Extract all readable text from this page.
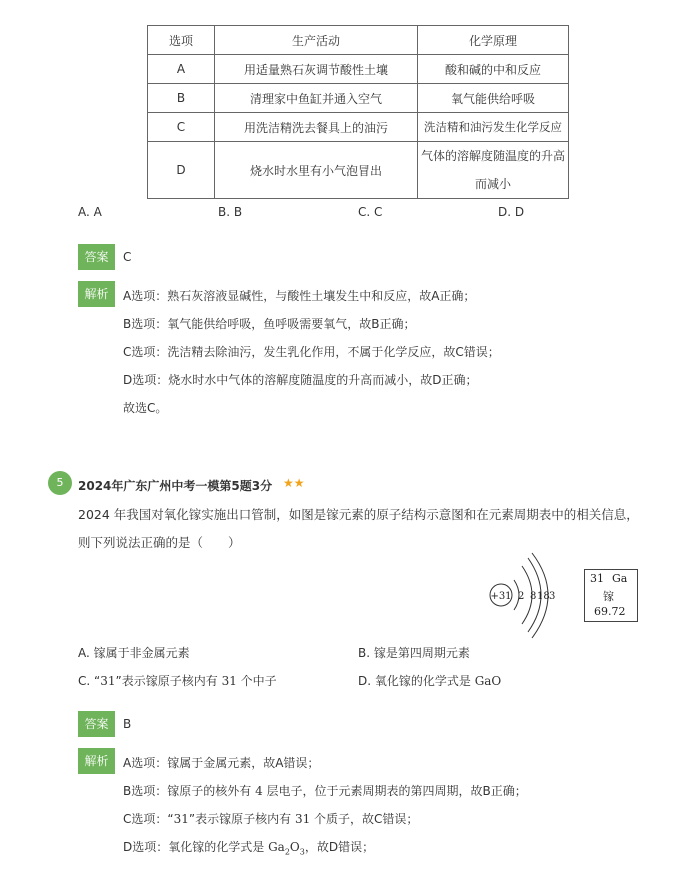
选项	生产活动	化学原理
A	用适量熟石灰调节酸性土壤	酸和碱的中和反应
B	清理家中鱼缸并通入空气	氧气能供给呼吸
C	用洗洁精洗去餐具上的油污	洗洁精和油污发生化学反应
D	烧水时水里有小气泡冒出	气体的溶解度随温度的升高
而减小
A. A	B. B	C. C	D. D
答案	C
解析	A选项：熟石灰溶液显碱性，与酸性土壤发生中和反应，故A正确；
B选项：氧气能供给呼吸，鱼呼吸需要氧气，故B正确；
C选项：洗洁精去除油污，发生乳化作用，不属于化学反应，故C错误；
D选项：烧水时水中气体的溶解度随温度的升高而减小，故D正确；
故选C。
5	2024年广东广州中考一模第5题3分 ★★
2024 年我国对氧化镓实施出口管制，如图是镓元素的原子结构示意图和在元素周期表中的相关信息，
则下列说法正确的是（　　）
+31 2 8 18 3
31 Ga
镓
69.72
A. 镓属于非金属元素	B. 镓是第四周期元素
C. “31”表示镓原子核内有 31 个中子	D. 氧化镓的化学式是 GaO
答案	B
解析	A选项：镓属于金属元素，故A错误；
B选项：镓原子的核外有 4 层电子，位于元素周期表的第四周期，故B正确；
C选项：“31”表示镓原子核内有 31 个质子，故C错误；
D选项：氧化镓的化学式是 $Ga_2O_3$，故D错误；
